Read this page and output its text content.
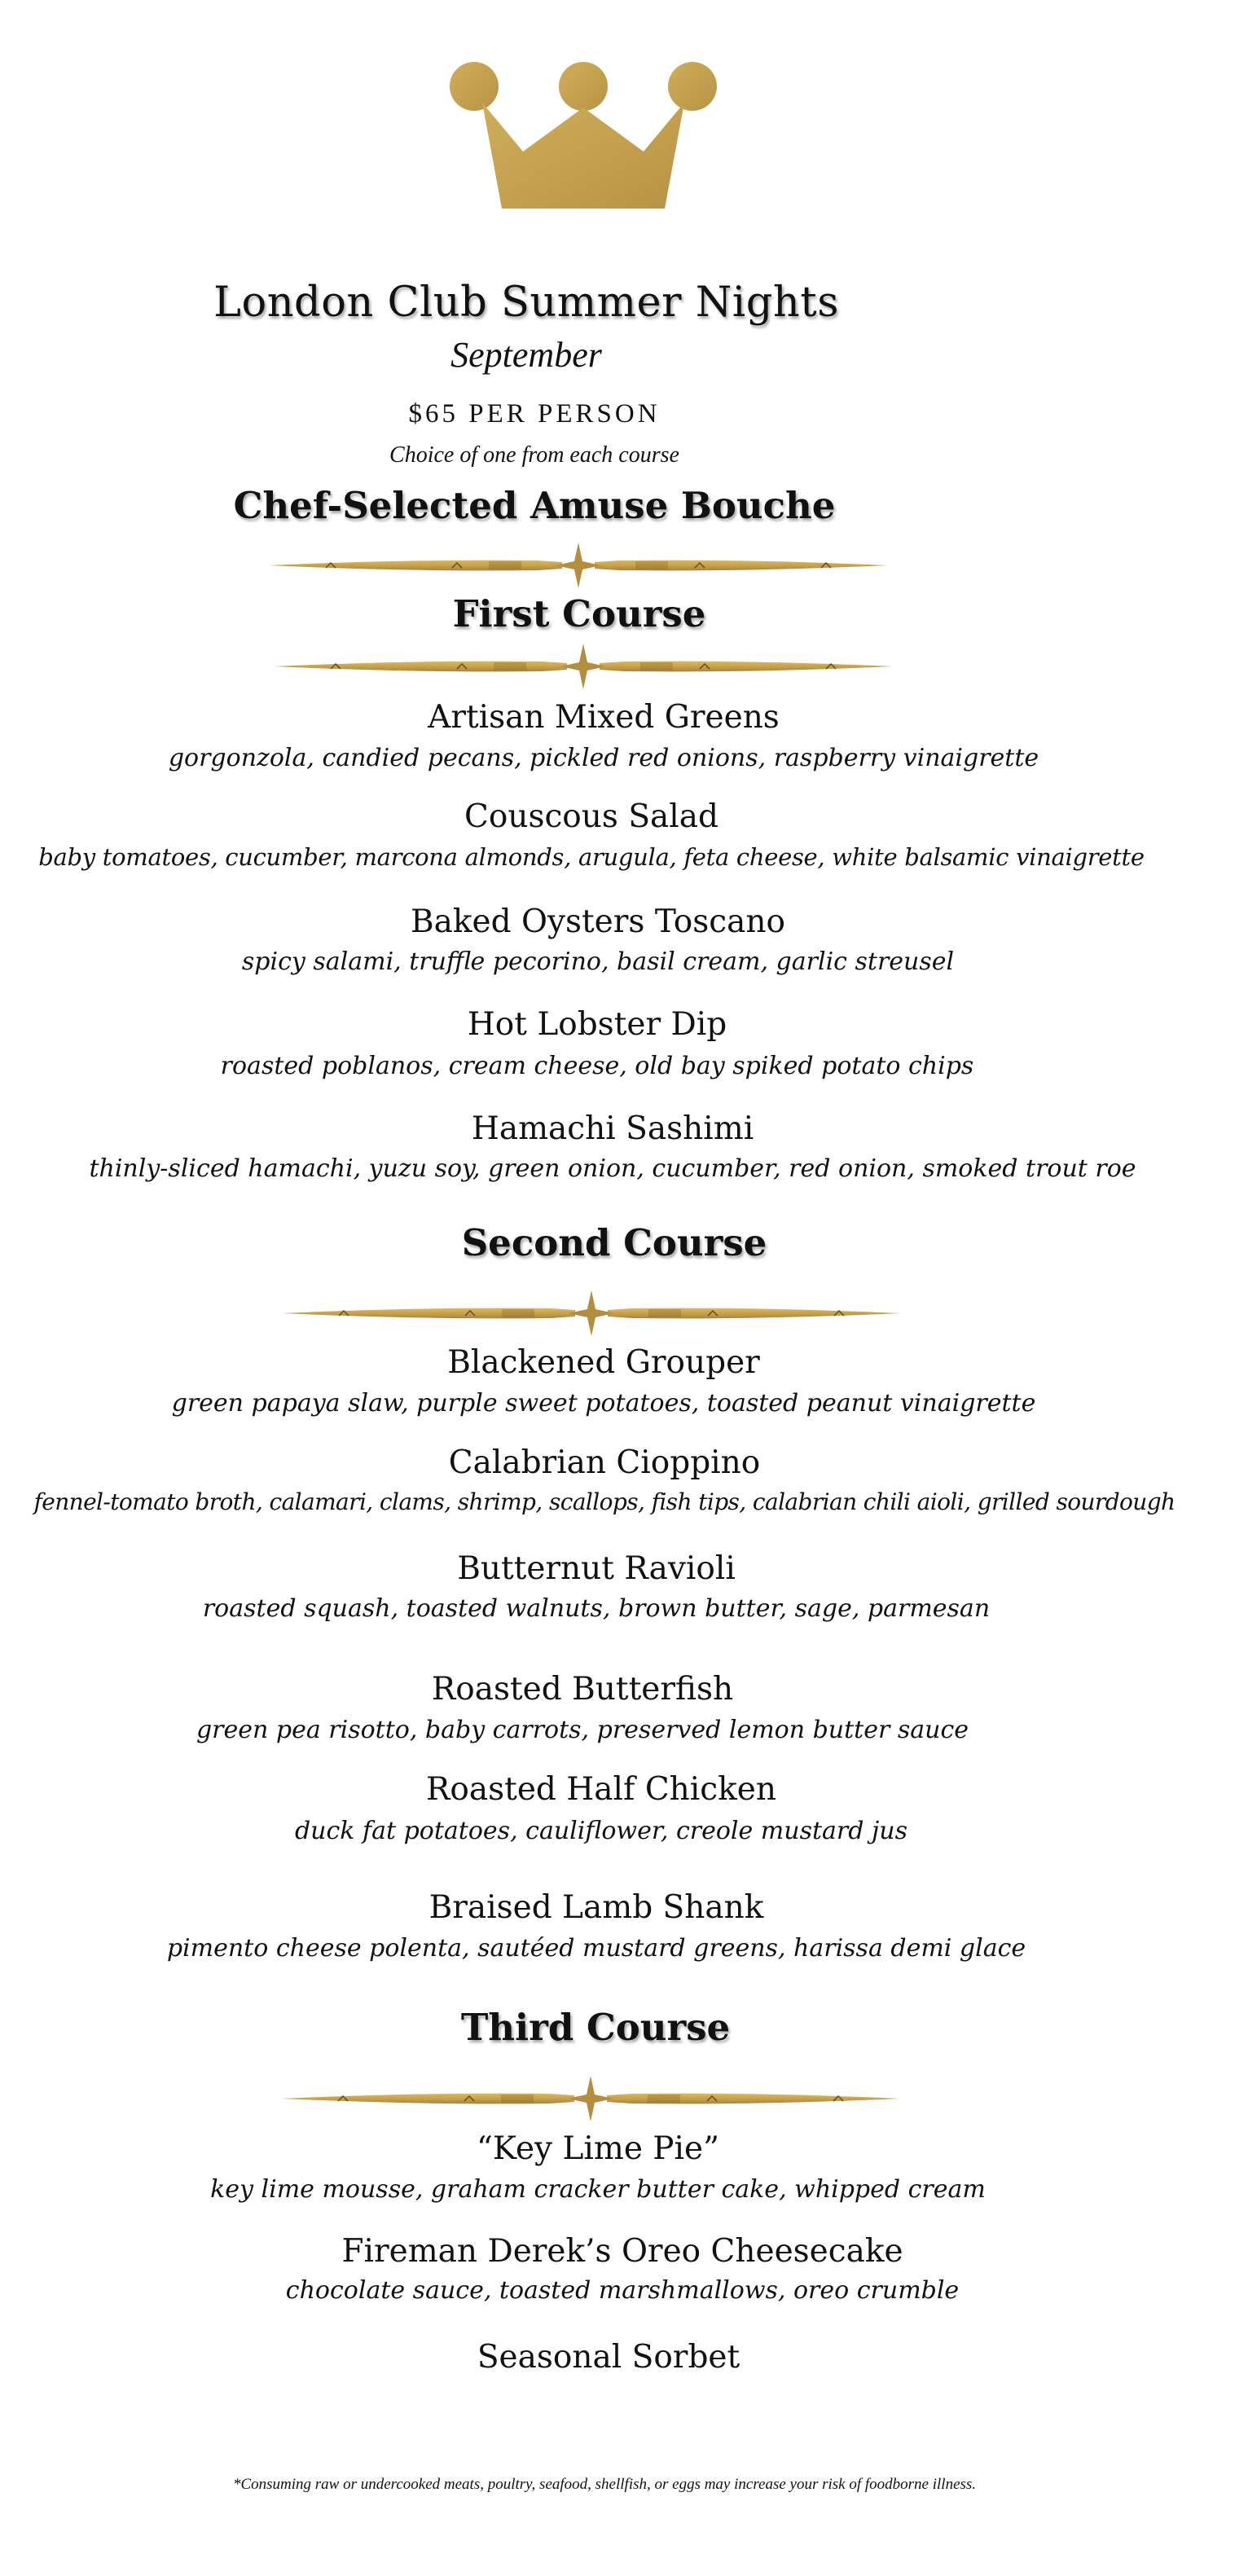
London Club Summer Nights
September
$65 PER PERSON
Choice of one from each course
Chef-Selected Amuse Bouche
First Course
Artisan Mixed Greens
gorgonzola, candied pecans, pickled red onions, raspberry vinaigrette
Couscous Salad
baby tomatoes, cucumber, marcona almonds, arugula, feta cheese, white balsamic vinaigrette
Baked Oysters Toscano
spicy salami, truffle pecorino, basil cream, garlic streusel
Hot Lobster Dip
roasted poblanos, cream cheese, old bay spiked potato chips
Hamachi Sashimi
thinly-sliced hamachi, yuzu soy, green onion, cucumber, red onion, smoked trout roe
Second Course
Blackened Grouper
green papaya slaw, purple sweet potatoes, toasted peanut vinaigrette
Calabrian Cioppino
fennel-tomato broth, calamari, clams, shrimp, scallops, fish tips, calabrian chili aioli, grilled sourdough
Butternut Ravioli
roasted squash, toasted walnuts, brown butter, sage, parmesan
Roasted Butterfish
green pea risotto, baby carrots, preserved lemon butter sauce
Roasted Half Chicken
duck fat potatoes, cauliflower, creole mustard jus
Braised Lamb Shank
pimento cheese polenta, sautéed mustard greens, harissa demi glace
Third Course
“Key Lime Pie”
key lime mousse, graham cracker butter cake, whipped cream
Fireman Derek’s Oreo Cheesecake
chocolate sauce, toasted marshmallows, oreo crumble
Seasonal Sorbet
*Consuming raw or undercooked meats, poultry, seafood, shellfish, or eggs may increase your risk of foodborne illness.
